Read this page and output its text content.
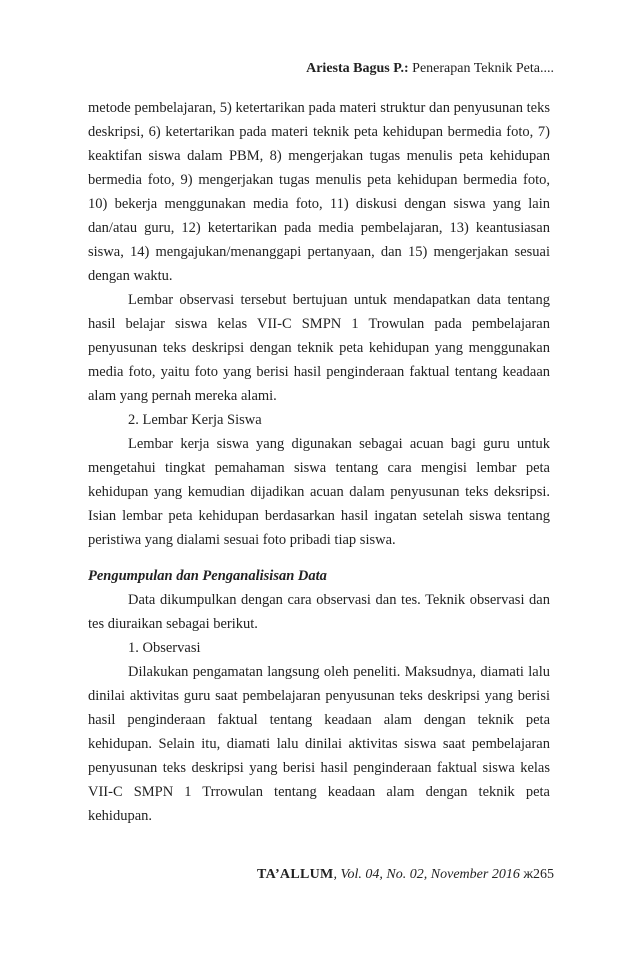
Ariesta Bagus P.: Penerapan Teknik Peta....

metode pembelajaran, 5) ketertarikan pada materi struktur dan penyusunan teks deskripsi, 6) ketertarikan pada materi teknik peta kehidupan bermedia foto, 7) keaktifan siswa dalam PBM, 8) mengerjakan tugas menulis peta kehidupan bermedia foto, 9) mengerjakan tugas menulis peta kehidupan bermedia foto, 10) bekerja menggunakan media foto, 11) diskusi dengan siswa yang lain dan/atau guru, 12) ketertarikan pada media pembelajaran, 13) keantusiasan siswa, 14) mengajukan/menanggapi pertanyaan, dan 15) mengerjakan sesuai dengan waktu.

Lembar observasi tersebut bertujuan untuk mendapatkan data tentang hasil belajar siswa kelas VII-C SMPN 1 Trowulan pada pembelajaran penyusunan teks deskripsi dengan teknik peta kehidupan yang menggunakan media foto, yaitu foto yang berisi hasil penginderaan faktual tentang keadaan alam yang pernah mereka alami.

2. Lembar Kerja Siswa

Lembar kerja siswa yang digunakan sebagai acuan bagi guru untuk mengetahui tingkat pemahaman siswa tentang cara mengisi lembar peta kehidupan yang kemudian dijadikan acuan dalam penyusunan teks deksripsi. Isian lembar peta kehidupan berdasarkan hasil ingatan setelah siswa tentang peristiwa yang dialami sesuai foto pribadi tiap siswa.

Pengumpulan dan Penganalisisan Data

Data dikumpulkan dengan cara observasi dan tes. Teknik observasi dan tes diuraikan sebagai berikut.

1. Observasi

Dilakukan pengamatan langsung oleh peneliti. Maksudnya, diamati lalu dinilai aktivitas guru saat pembelajaran penyusunan teks deskripsi yang berisi hasil penginderaan faktual tentang keadaan alam dengan teknik peta kehidupan. Selain itu, diamati lalu dinilai aktivitas siswa saat pembelajaran penyusunan teks deskripsi yang berisi hasil penginderaan faktual siswa kelas VII-C SMPN 1 Trrowulan tentang keadaan alam dengan teknik peta kehidupan.

TA’ALLUM, Vol. 04, No. 02, November 2016 ж265
